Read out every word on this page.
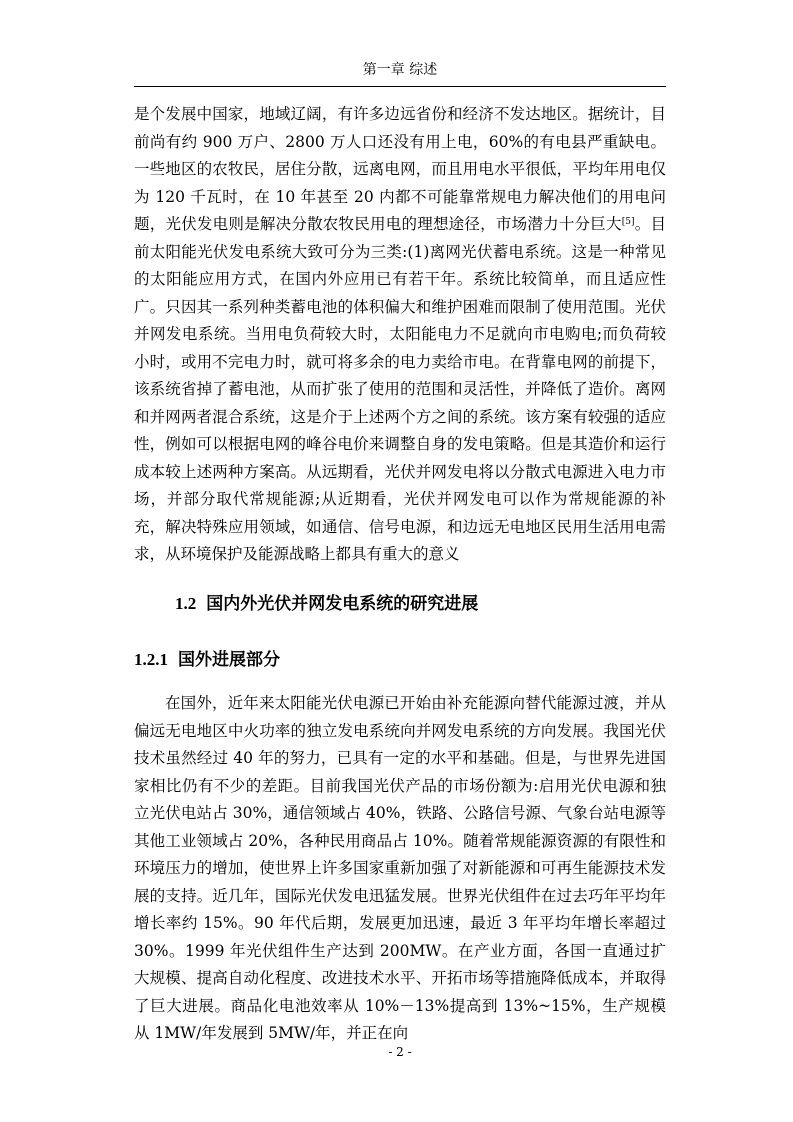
第一章 综述

是个发展中国家，地域辽阔，有许多边远省份和经济不发达地区。据统计，目前尚有约 900 万户、2800 万人口还没有用上电，60%的有电县严重缺电。一些地区的农牧民，居住分散，远离电网，而且用电水平很低，平均年用电仅为 120 千瓦时，在 10 年甚至 20 内都不可能靠常规电力解决他们的用电问题，光伏发电则是解决分散农牧民用电的理想途径，市场潜力十分巨大[5]。目前太阳能光伏发电系统大致可分为三类:(1)离网光伏蓄电系统。这是一种常见的太阳能应用方式，在国内外应用已有若干年。系统比较简单，而且适应性广。只因其一系列种类蓄电池的体积偏大和维护困难而限制了使用范围。光伏并网发电系统。当用电负荷较大时，太阳能电力不足就向市电购电;而负荷较小时，或用不完电力时，就可将多余的电力卖给市电。在背靠电网的前提下，该系统省掉了蓄电池，从而扩张了使用的范围和灵活性，并降低了造价。离网和并网两者混合系统，这是介于上述两个方之间的系统。该方案有较强的适应性，例如可以根据电网的峰谷电价来调整自身的发电策略。但是其造价和运行成本较上述两种方案高。从远期看，光伏并网发电将以分散式电源进入电力市场，并部分取代常规能源;从近期看，光伏并网发电可以作为常规能源的补充，解决特殊应用领域，如通信、信号电源，和边远无电地区民用生活用电需求，从环境保护及能源战略上都具有重大的意义

1.2 国内外光伏并网发电系统的研究进展
1.2.1 国外进展部分

在国外，近年来太阳能光伏电源已开始由补充能源向替代能源过渡，并从偏远无电地区中火功率的独立发电系统向并网发电系统的方向发展。我国光伏技术虽然经过 40 年的努力，已具有一定的水平和基础。但是，与世界先进国家相比仍有不少的差距。目前我国光伏产品的市场份额为:启用光伏电源和独立光伏电站占 30%，通信领域占 40%，铁路、公路信号源、气象台站电源等其他工业领域占 20%，各种民用商品占 10%。随着常规能源资源的有限性和环境压力的增加，使世界上许多国家重新加强了对新能源和可再生能源技术发展的支持。近几年，国际光伏发电迅猛发展。世界光伏组件在过去巧年平均年增长率约 15%。90 年代后期，发展更加迅速，最近 3 年平均年增长率超过 30%。1999 年光伏组件生产达到 200MW。在产业方面，各国一直通过扩大规模、提高自动化程度、改进技术水平、开拓市场等措施降低成本，并取得了巨大进展。商品化电池效率从 10%－13%提高到 13%~15%，生产规模从 1MW/年发展到 5MW/年，并正在向

- 2 -
